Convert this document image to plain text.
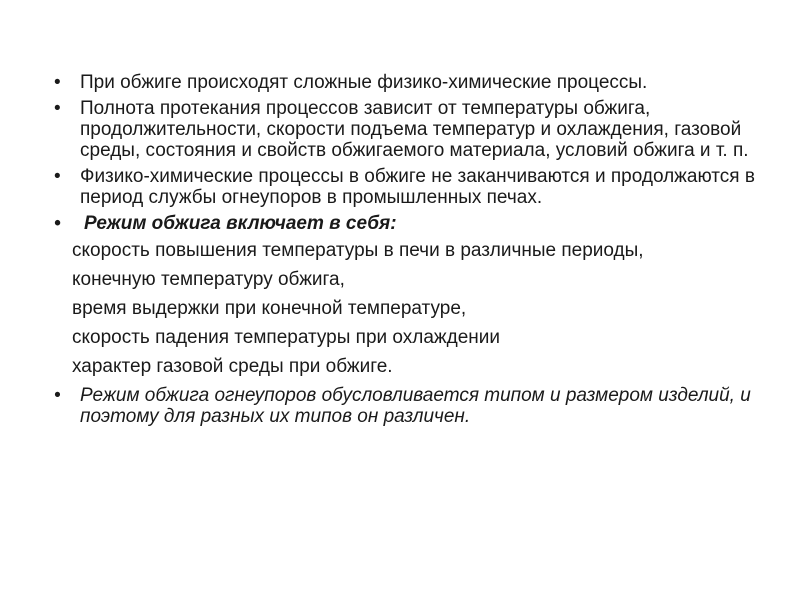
• При обжиге происходят сложные физико-химические процессы.
• Полнота протекания процессов зависит от температуры обжига, продолжительности, скорости подъема температур и охлаждения, газовой среды, состояния и свойств обжигаемого материала, условий обжига и т. п.
• Физико-химические процессы в обжиге не заканчиваются и продолжаются в период службы огнеупоров в промышленных печах.
• Режим обжига включает в себя:
скорость повышения температуры в печи в различные периоды,
конечную температуру обжига,
время выдержки при конечной температуре,
скорость падения температуры при охлаждении
характер газовой среды при обжиге.
• Режим обжига огнеупоров обусловливается типом и размером изделий, и поэтому для разных их типов он различен.
